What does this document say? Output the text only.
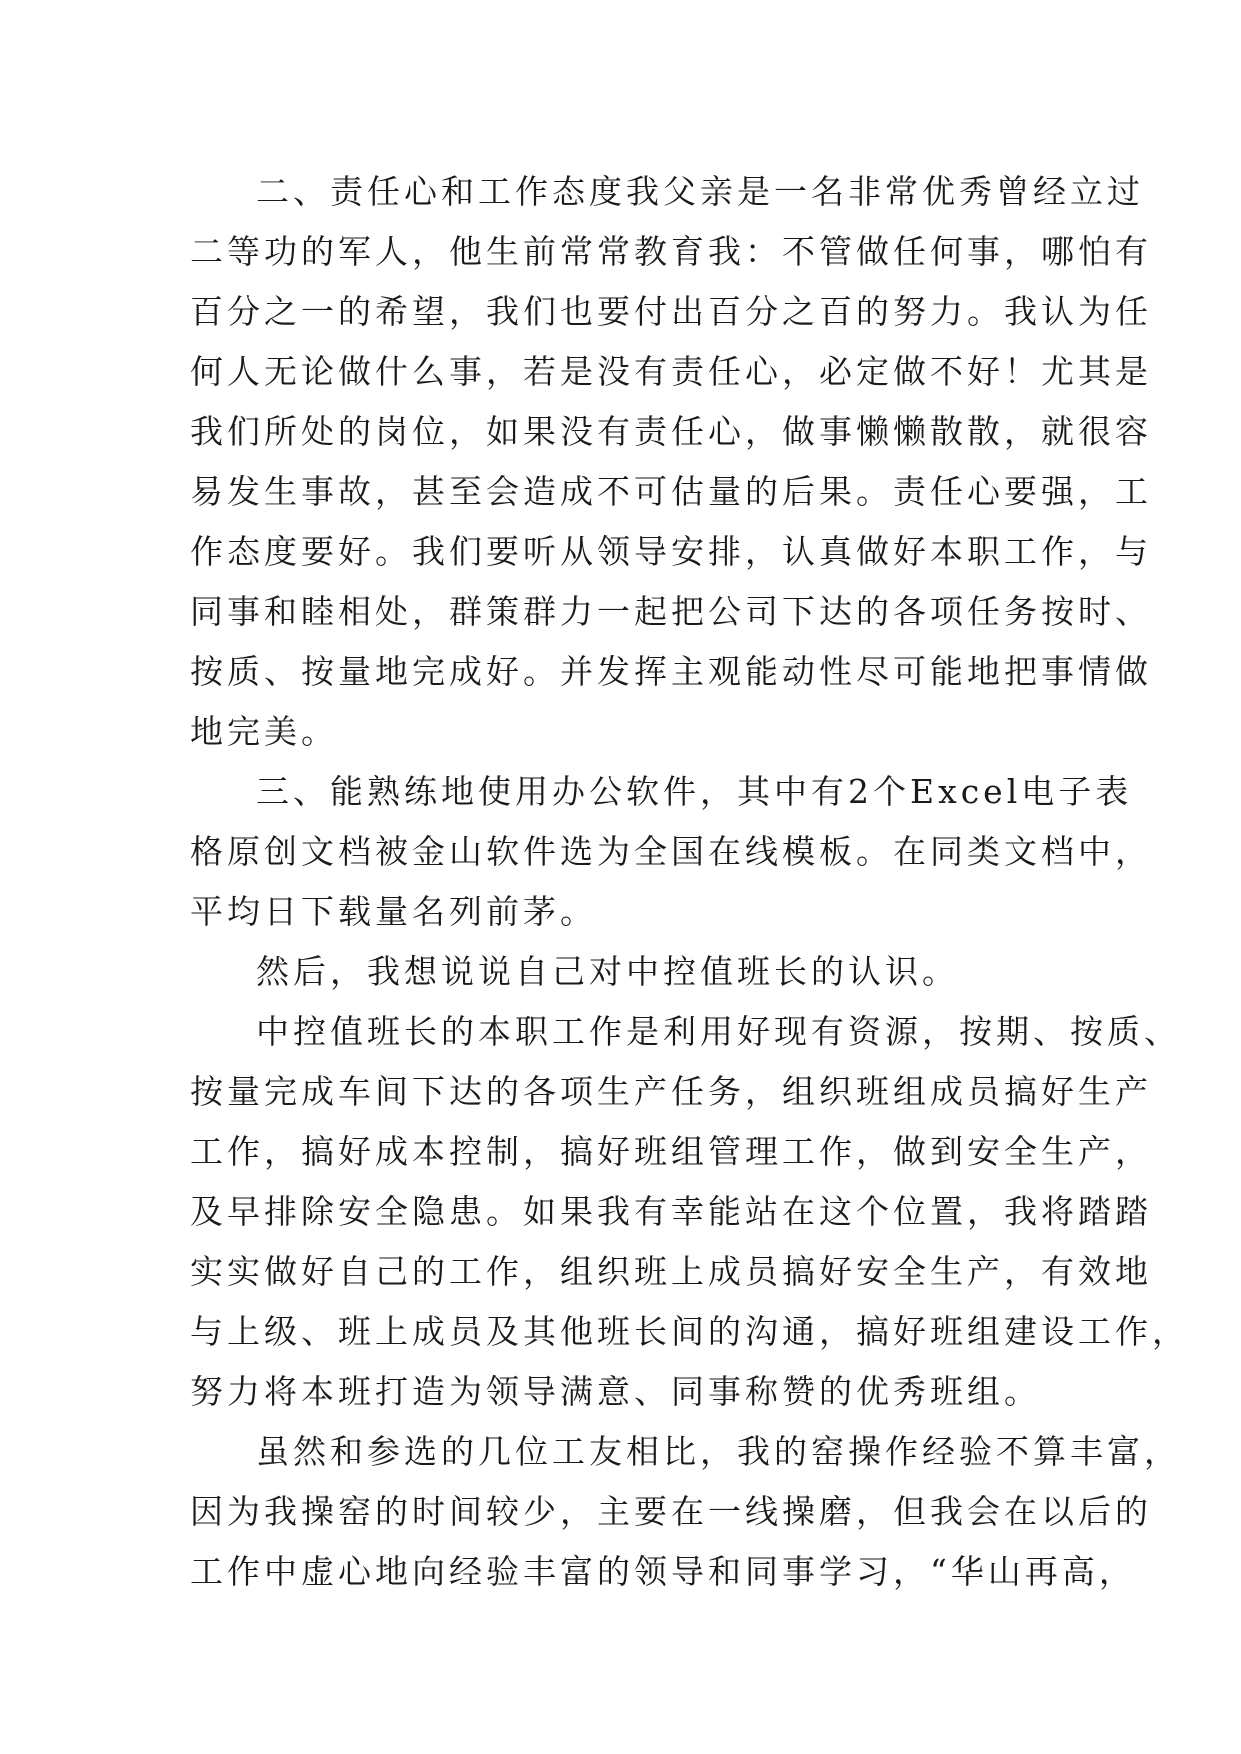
二、责任心和工作态度我父亲是一名非常优秀曾经立过
二等功的军人，他生前常常教育我：不管做任何事，哪怕有
百分之一的希望，我们也要付出百分之百的努力。我认为任
何人无论做什么事，若是没有责任心，必定做不好！尤其是
我们所处的岗位，如果没有责任心，做事懒懒散散，就很容
易发生事故，甚至会造成不可估量的后果。责任心要强，工
作态度要好。我们要听从领导安排，认真做好本职工作，与
同事和睦相处，群策群力一起把公司下达的各项任务按时、
按质、按量地完成好。并发挥主观能动性尽可能地把事情做
地完美。
三、能熟练地使用办公软件，其中有2个Excel电子表
格原创文档被金山软件选为全国在线模板。在同类文档中，
平均日下载量名列前茅。
然后，我想说说自己对中控值班长的认识。
中控值班长的本职工作是利用好现有资源，按期、按质、
按量完成车间下达的各项生产任务，组织班组成员搞好生产
工作，搞好成本控制，搞好班组管理工作，做到安全生产，
及早排除安全隐患。如果我有幸能站在这个位置，我将踏踏
实实做好自己的工作，组织班上成员搞好安全生产，有效地
与上级、班上成员及其他班长间的沟通，搞好班组建设工作，
努力将本班打造为领导满意、同事称赞的优秀班组。
虽然和参选的几位工友相比，我的窑操作经验不算丰富，
因为我操窑的时间较少，主要在一线操磨，但我会在以后的
工作中虚心地向经验丰富的领导和同事学习，“华山再高，
